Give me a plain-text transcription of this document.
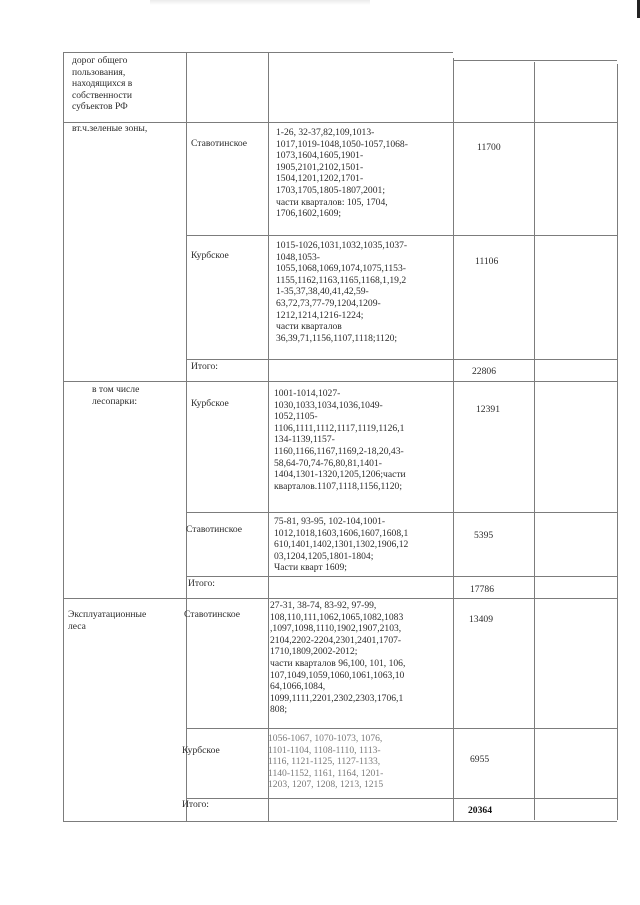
дорог общего
пользования,
находящихся в
собственности
субъектов РФ
вт.ч.зеленые зоны,
Ставотинское
1-26, 32-37,82,109,1013-
1017,1019-1048,1050-1057,1068-
1073,1604,1605,1901-
1905,2101,2102,1501-
1504,1201,1202,1701-
1703,1705,1805-1807,2001;
части кварталов: 105, 1704,
1706,1602,1609;
11700
Курбское
1015-1026,1031,1032,1035,1037-
1048,1053-
1055,1068,1069,1074,1075,1153-
1155,1162,1163,1165,1168,1,19,2
1-35,37,38,40,41,42,59-
63,72,73,77-79,1204,1209-
1212,1214,1216-1224;
части кварталов
36,39,71,1156,1107,1118;1120;
11106
Итого:	22806
в том числе
лесопарки:	Курбское
1001-1014,1027-
1030,1033,1034,1036,1049-
1052,1105-
1106,1111,1112,1117,1119,1126,1
134-1139,1157-
1160,1166,1167,1169,2-18,20,43-
58,64-70,74-76,80,81,1401-
1404,1301-1320,1205,1206;части
кварталов.1107,1118,1156,1120;
12391
Ставотинское
75-81, 93-95, 102-104,1001-
1012,1018,1603,1606,1607,1608,1
610,1401,1402,1301,1302,1906,12
03,1204,1205,1801-1804;
Части кварт 1609;
5395
Итого:
17786
Эксплуатационные
леса
Ставотинское
27-31, 38-74, 83-92, 97-99,
108,110,111,1062,1065,1082,1083
,1097,1098,1110,1902,1907,2103,
2104,2202-2204,2301,2401,1707-
1710,1809,2002-2012;
части кварталов 96,100, 101, 106,
107,1049,1059,1060,1061,1063,10
64,1066,1084,
1099,1111,2201,2302,2303,1706,1
808;
13409
Курбское
1056-1067, 1070-1073, 1076,
1101-1104, 1108-1110, 1113-
1116, 1121-1125, 1127-1133,
1140-1152, 1161, 1164, 1201-
1203, 1207, 1208, 1213, 1215
6955
Итого:
20364
